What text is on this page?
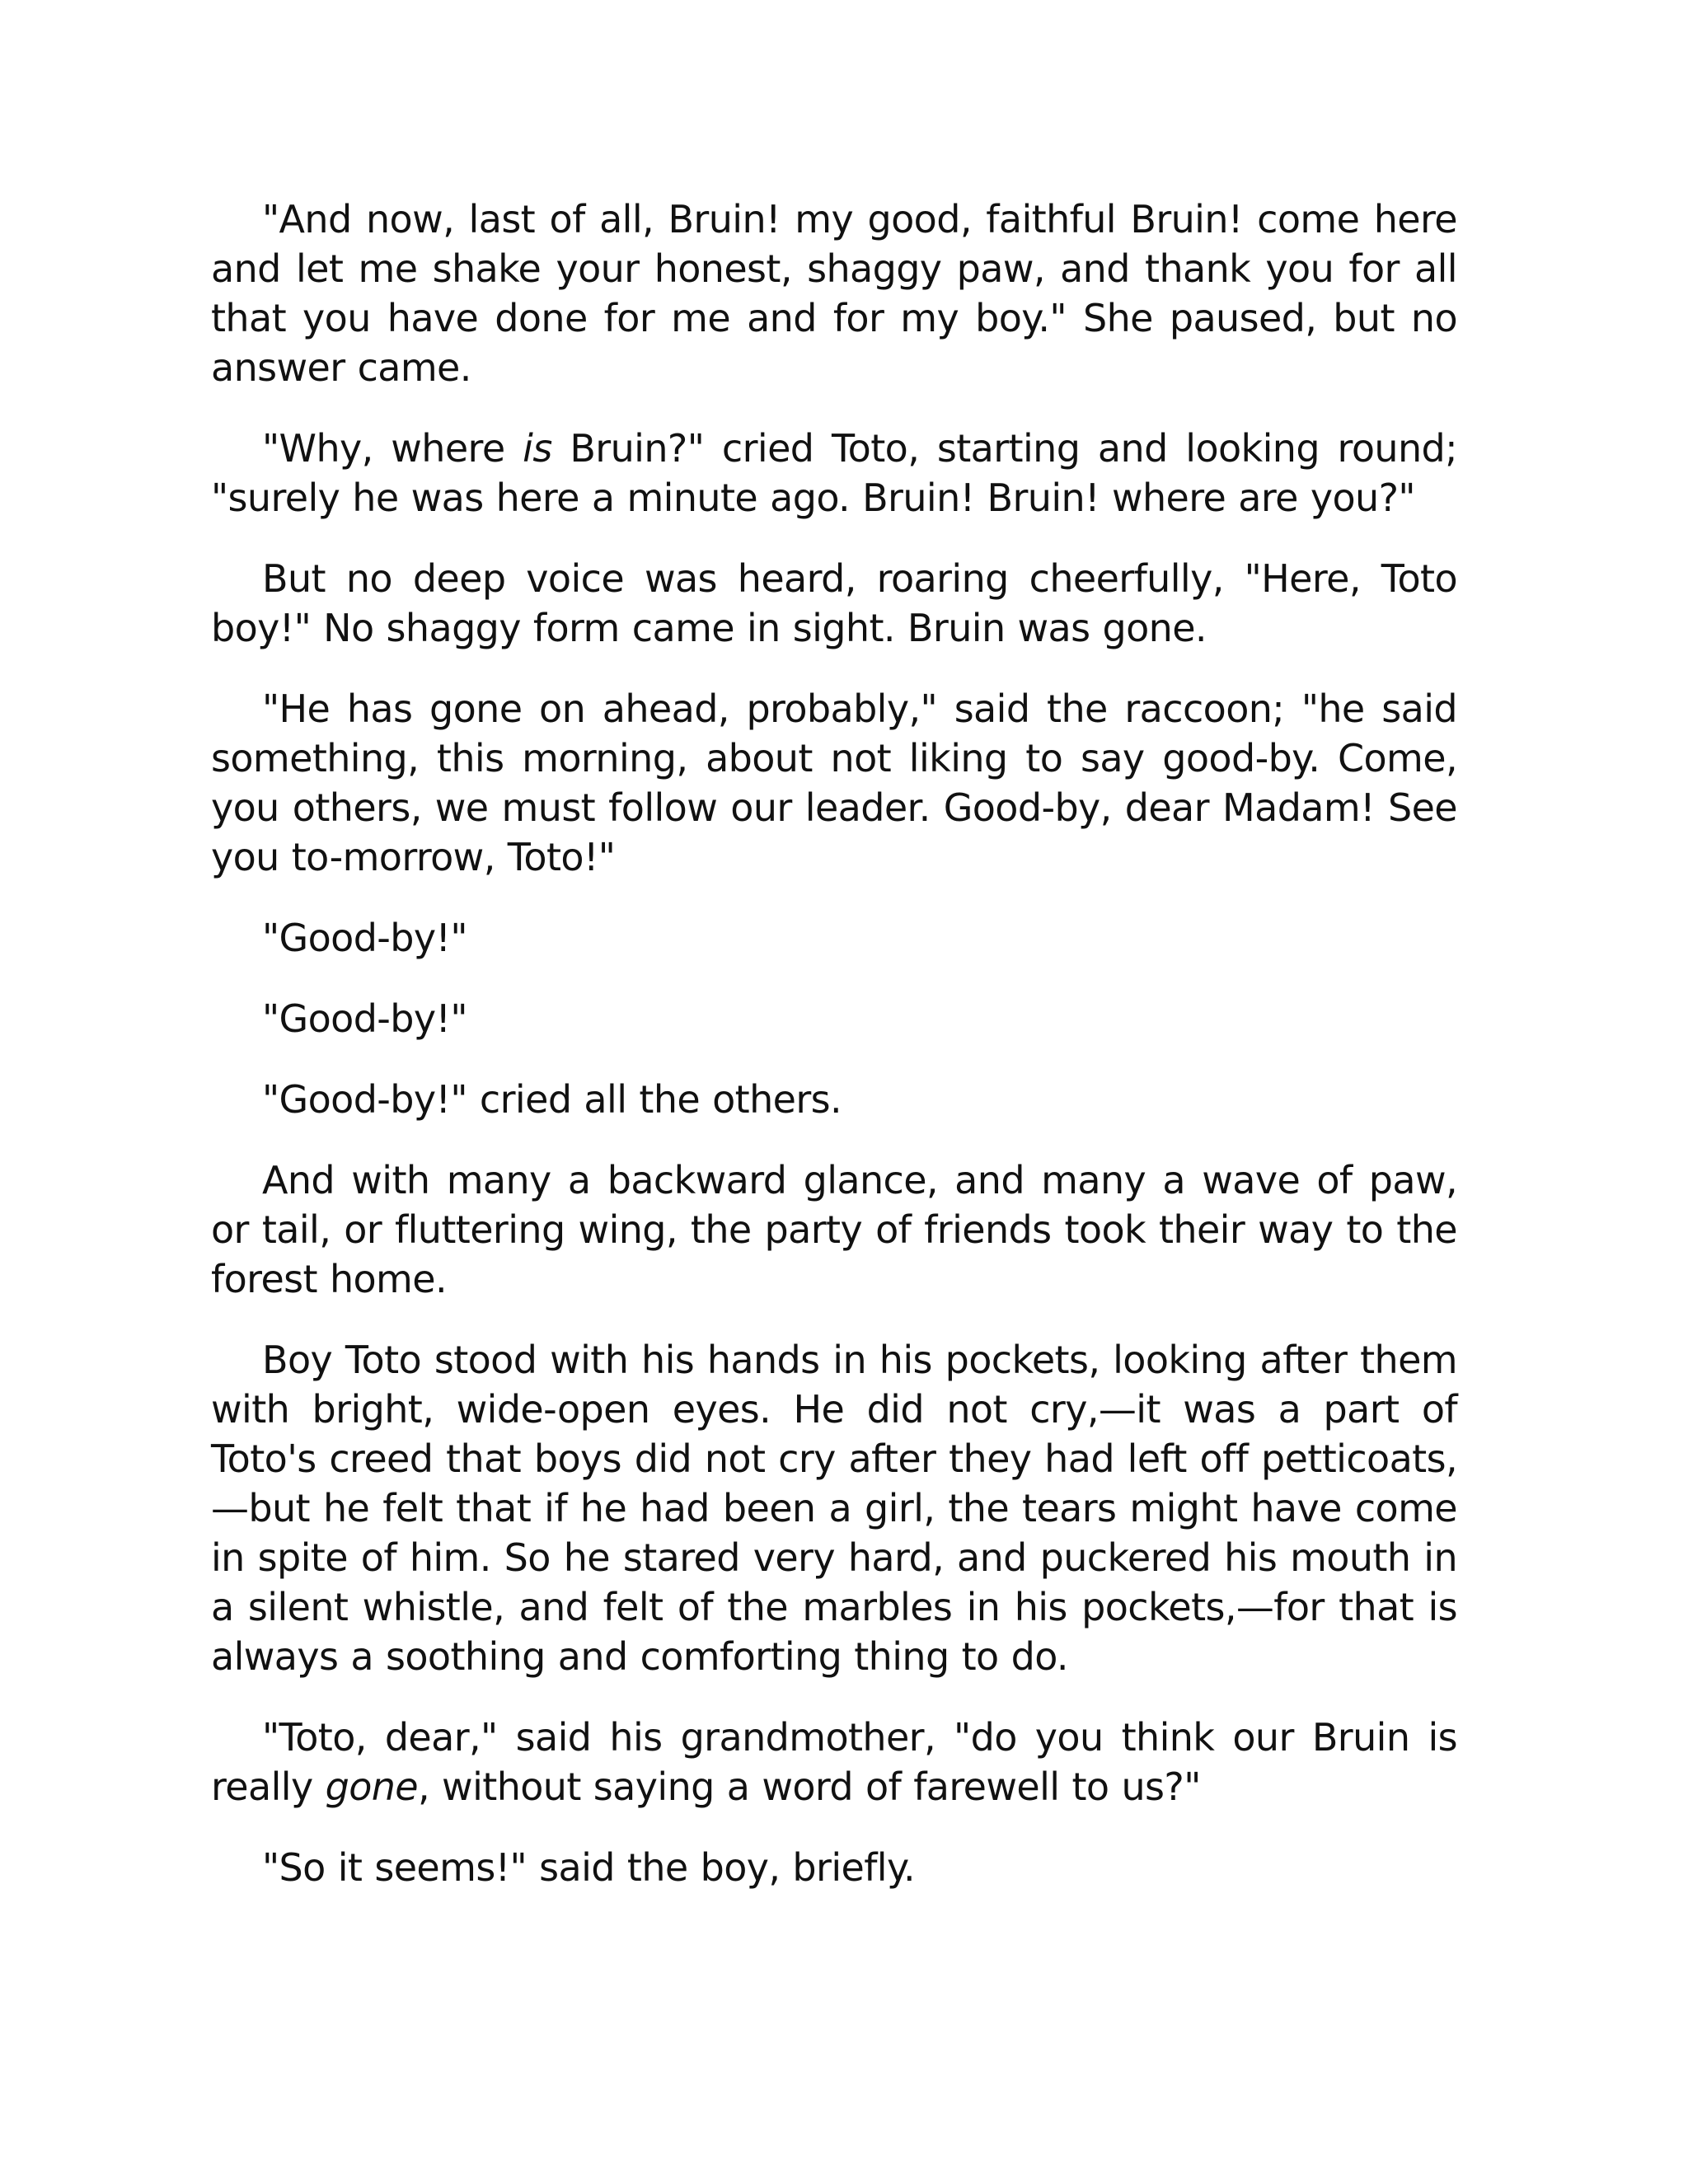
"And now, last of all, Bruin! my good, faithful Bruin! come here and let me shake your honest, shaggy paw, and thank you for all that you have done for me and for my boy." She paused, but no answer came.

"Why, where is Bruin?" cried Toto, starting and looking round; "surely he was here a minute ago. Bruin! Bruin! where are you?"

But no deep voice was heard, roaring cheerfully, "Here, Toto boy!" No shaggy form came in sight. Bruin was gone.

"He has gone on ahead, probably," said the raccoon; "he said something, this morning, about not liking to say good-by. Come, you others, we must follow our leader. Good-by, dear Madam! See you to-morrow, Toto!"

"Good-by!"

"Good-by!"

"Good-by!" cried all the others.

And with many a backward glance, and many a wave of paw, or tail, or fluttering wing, the party of friends took their way to the forest home.

Boy Toto stood with his hands in his pockets, looking after them with bright, wide-open eyes. He did not cry,—it was a part of Toto's creed that boys did not cry after they had left off petticoats,—but he felt that if he had been a girl, the tears might have come in spite of him. So he stared very hard, and puckered his mouth in a silent whistle, and felt of the marbles in his pockets,—for that is always a soothing and comforting thing to do.

"Toto, dear," said his grandmother, "do you think our Bruin is really gone, without saying a word of farewell to us?"

"So it seems!" said the boy, briefly.
